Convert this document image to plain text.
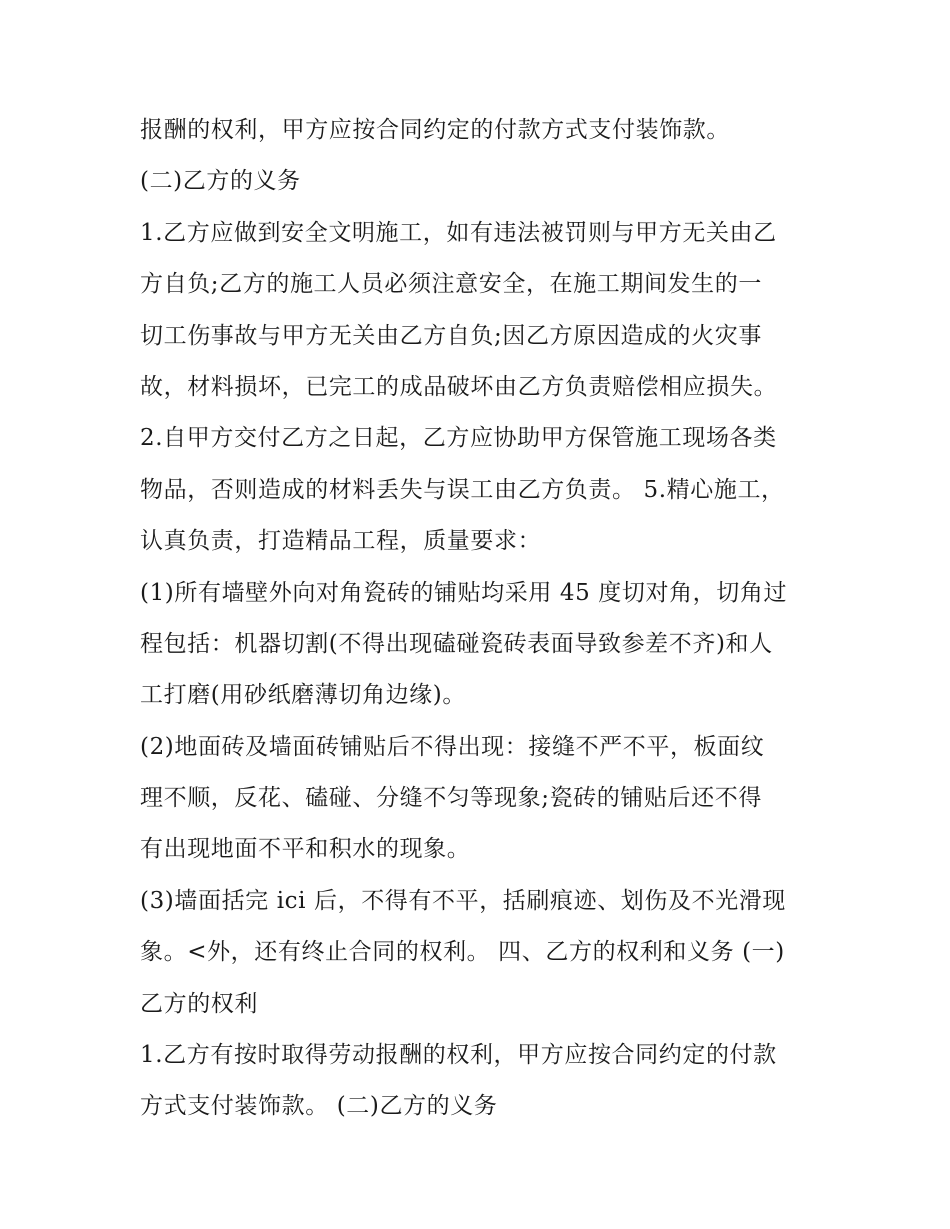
报酬的权利，甲方应按合同约定的付款方式支付装饰款。
(二)乙方的义务
1.乙方应做到安全文明施工，如有违法被罚则与甲方无关由乙
方自负;乙方的施工人员必须注意安全，在施工期间发生的一
切工伤事故与甲方无关由乙方自负;因乙方原因造成的火灾事
故，材料损坏，已完工的成品破坏由乙方负责赔偿相应损失。
2.自甲方交付乙方之日起，乙方应协助甲方保管施工现场各类
物品，否则造成的材料丢失与误工由乙方负责。 5.精心施工，
认真负责，打造精品工程，质量要求：
(1)所有墙壁外向对角瓷砖的铺贴均采用 45 度切对角，切角过
程包括：机器切割(不得出现磕碰瓷砖表面导致参差不齐)和人
工打磨(用砂纸磨薄切角边缘)。
(2)地面砖及墙面砖铺贴后不得出现：接缝不严不平，板面纹
理不顺，反花、磕碰、分缝不匀等现象;瓷砖的铺贴后还不得
有出现地面不平和积水的现象。
(3)墙面括完 ici 后，不得有不平，括刷痕迹、划伤及不光滑现
象。<外，还有终止合同的权利。 四、乙方的权利和义务 (一)
乙方的权利
1.乙方有按时取得劳动报酬的权利，甲方应按合同约定的付款
方式支付装饰款。 (二)乙方的义务
